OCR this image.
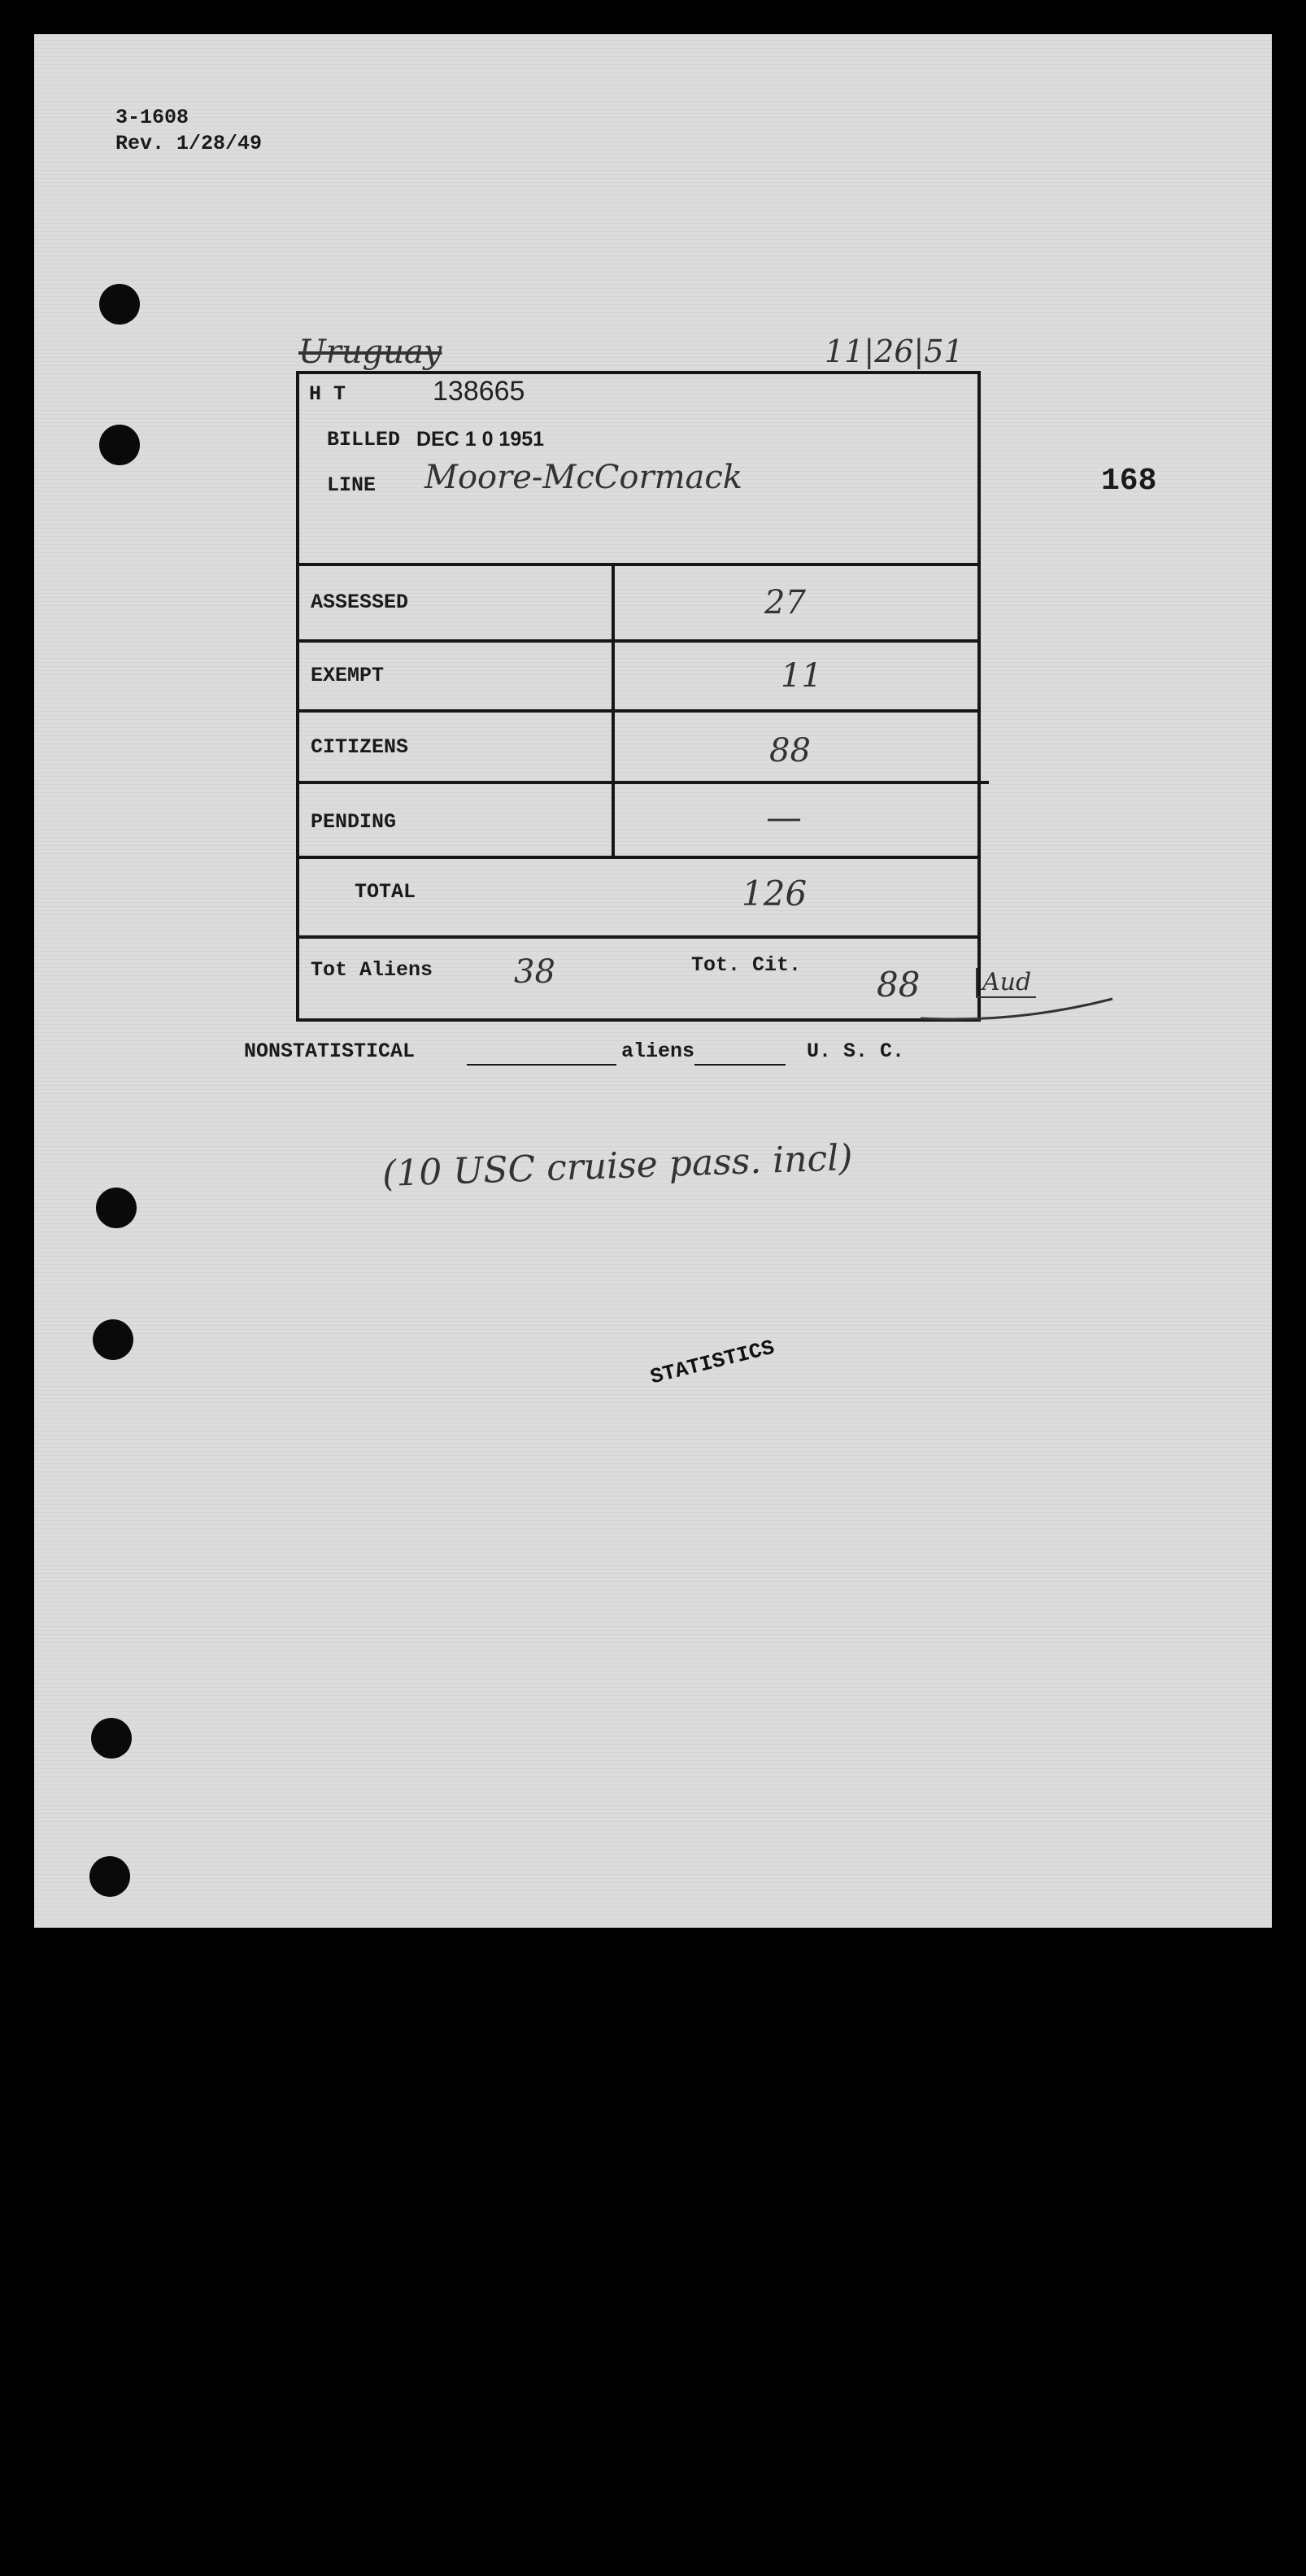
3-1608
Rev. 1/28/49
Uruguay	11|26|51
168
H T	138665
BILLED DEC 1 0 1951
LINE Moore-McCormack
ASSESSED	27
EXEMPT	11
CITIZENS	88
PENDING	—
TOTAL	126
Tot Aliens 38	Tot. Cit. 88	Aud
NONSTATISTICAL	aliens	U. S. C.
(10 USC cruise pass. incl)
STATISTICS
